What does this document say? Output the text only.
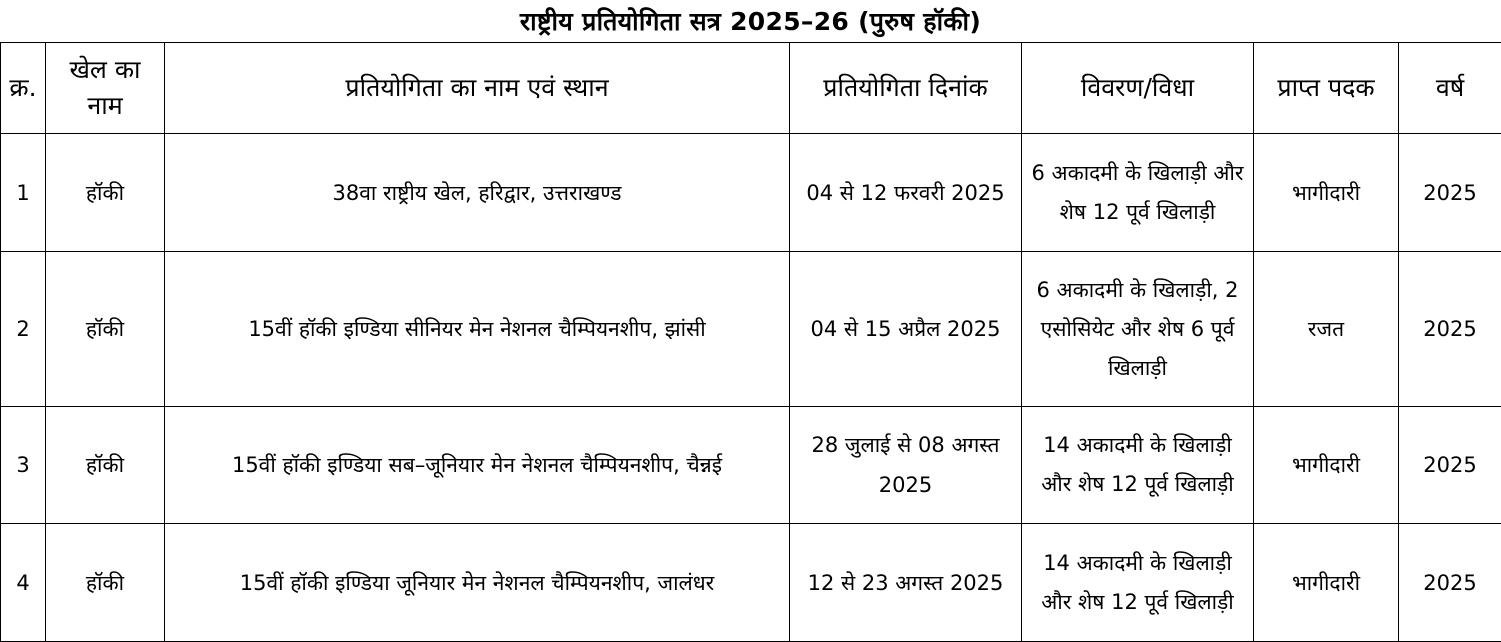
राष्ट्रीय प्रतियोगिता सत्र 2025–26 (पुरुष हॉकी)
क्र.	खेल का नाम	प्रतियोगिता का नाम एवं स्थान	प्रतियोगिता दिनांक	विवरण/विधा	प्राप्त पदक	वर्ष
1	हॉकी	38वा राष्ट्रीय खेल, हरिद्वार, उत्तराखण्ड	04 से 12 फरवरी 2025	6 अकादमी के खिलाड़ी और शेष 12 पूर्व खिलाड़ी	भागीदारी	2025
2	हॉकी	15वीं हॉकी इण्डिया सीनियर मेन नेशनल चैम्पियनशीप, झांसी	04 से 15 अप्रैल 2025	6 अकादमी के खिलाड़ी, 2 एसोसियेट और शेष 6 पूर्व खिलाड़ी	रजत	2025
3	हॉकी	15वीं हॉकी इण्डिया सब–जूनियार मेन नेशनल चैम्पियनशीप, चैन्नई	28 जुलाई से 08 अगस्त 2025	14 अकादमी के खिलाड़ी और शेष 12 पूर्व खिलाड़ी	भागीदारी	2025
4	हॉकी	15वीं हॉकी इण्डिया जूनियार मेन नेशनल चैम्पियनशीप, जालंधर	12 से 23 अगस्त 2025	14 अकादमी के खिलाड़ी और शेष 12 पूर्व खिलाड़ी	भागीदारी	2025
